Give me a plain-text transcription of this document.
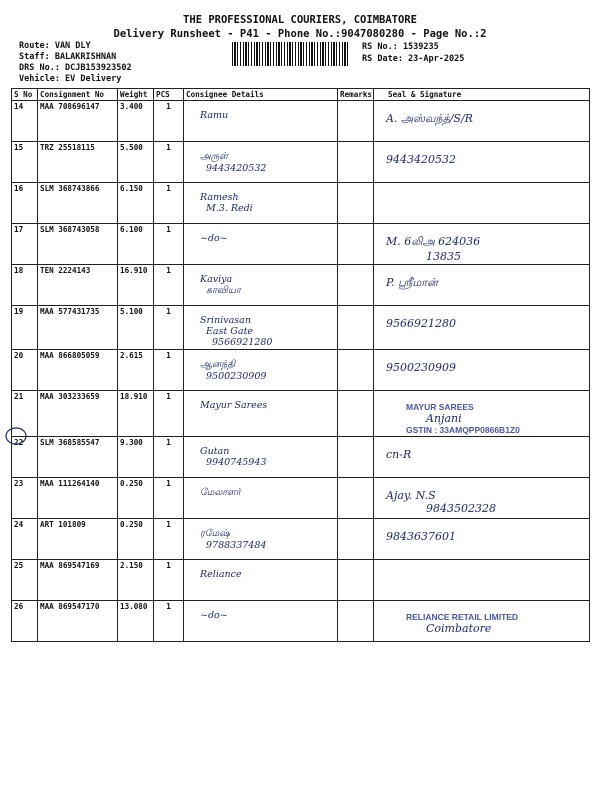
THE PROFESSIONAL COURIERS, COIMBATORE
Delivery Runsheet - P41 - Phone No.:9047080280 - Page No.:2
Route: VAN DLY
Staff: BALAKRISHNAN
DRS No.: DCJB153923502
Vehicle: EV Delivery
RS No.: 1539235
RS Date: 23-Apr-2025
S No	Consignment No	Weight	PCS	Consignee Details	Remarks	Seal & Signature
14	MAA 708696147	3.400	1	Ramu		A. அஸ்வந்த்/S/R

15	TRZ 25518115	5.500	1	அருள்
9443420532		9443420532

16	SLM 368743866	6.150	1	Ramesh
M.3. Redi		

17	SLM 368743058	6.100	1	~do~		M. 6லிஅ 624036
13835

18	TEN 2224143	16.910	1	Kaviya
காவியா		P. ஸ்ரீமான்

19	MAA 577431735	5.100	1	Srinivasan
East Gate
9566921280		9566921280

20	MAA 866805059	2.615	1	ஆனந்தி
9500230909		9500230909

21	MAA 303233659	18.910	1	Mayur Sarees		MAYUR SAREES
Anjani
GSTIN : 33AMQPP0866B1Z0

22	SLM 368585547	9.300	1	Gutan
9940745943		cn-R

23	MAA 111264140	0.250	1	மேலாளர்		Ajay. N.S
9843502328

24	ART 101809	0.250	1	ரமேஷ்
9788337484		9843637601

25	MAA 869547169	2.150	1	Reliance		

26	MAA 869547170	13.080	1	~do~		RELIANCE RETAIL LIMITED
Coimbatore
